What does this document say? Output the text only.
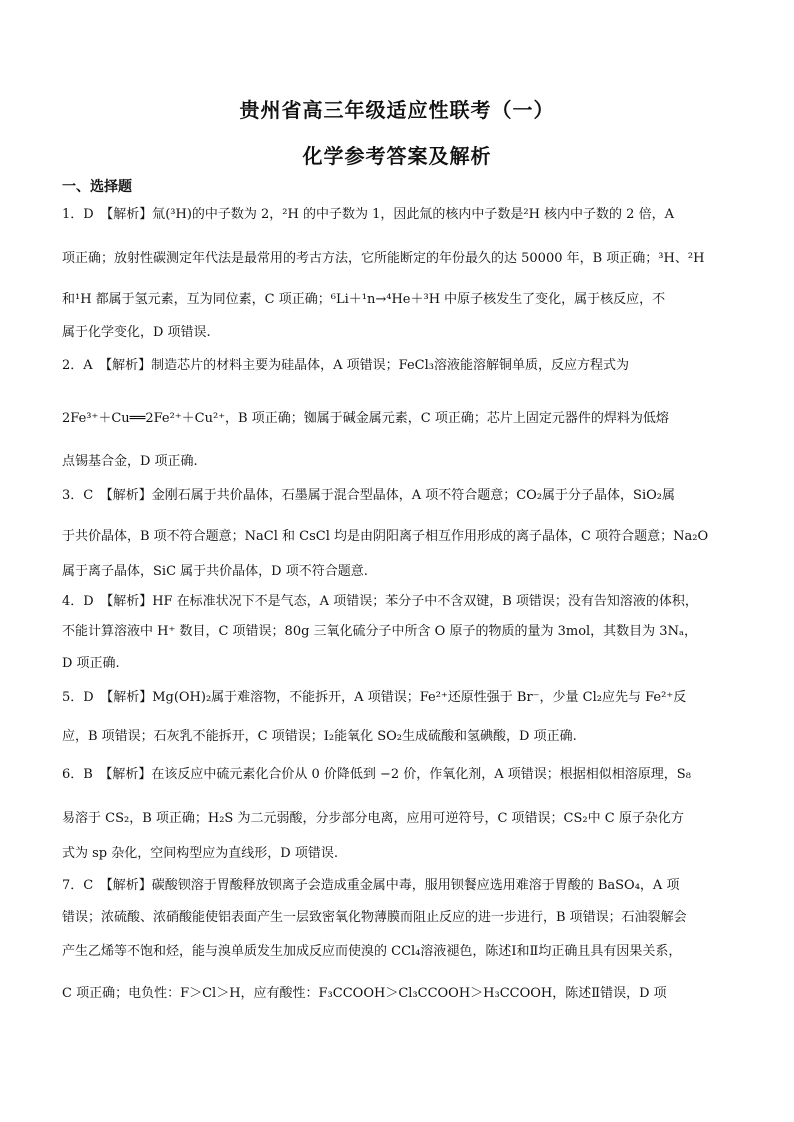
贵州省高三年级适应性联考（一）
化学参考答案及解析
一、选择题
1．D　【解析】氚(³H)的中子数为 2，²H 的中子数为 1，因此氚的核内中子数是²H 核内中子数的 2 倍，A
项正确；放射性碳测定年代法是最常用的考古方法，它所能断定的年份最久的达 50000 年，B 项正确；³H、²H
和¹H 都属于氢元素，互为同位素，C 项正确；⁶Li＋¹n→⁴He＋³H 中原子核发生了变化，属于核反应，不
属于化学变化，D 项错误.
2．A　【解析】制造芯片的材料主要为硅晶体，A 项错误；FeCl₃溶液能溶解铜单质，反应方程式为
2Fe³⁺＋Cu══2Fe²⁺＋Cu²⁺，B 项正确；铷属于碱金属元素，C 项正确；芯片上固定元器件的焊料为低熔
点锡基合金，D 项正确.
3．C　【解析】金刚石属于共价晶体，石墨属于混合型晶体，A 项不符合题意；CO₂属于分子晶体，SiO₂属
于共价晶体，B 项不符合题意；NaCl 和 CsCl 均是由阴阳离子相互作用形成的离子晶体，C 项符合题意；Na₂O
属于离子晶体，SiC 属于共价晶体，D 项不符合题意.
4．D　【解析】HF 在标准状况下不是气态，A 项错误；苯分子中不含双键，B 项错误；没有告知溶液的体积，
不能计算溶液中 H⁺ 数目，C 项错误；80g 三氧化硫分子中所含 O 原子的物质的量为 3mol，其数目为 3Nₐ，
D 项正确.
5．D　【解析】Mg(OH)₂属于难溶物，不能拆开，A 项错误；Fe²⁺还原性强于 Br⁻，少量 Cl₂应先与 Fe²⁺反
应，B 项错误；石灰乳不能拆开，C 项错误；I₂能氧化 SO₂生成硫酸和氢碘酸，D 项正确.
6．B　【解析】在该反应中硫元素化合价从 0 价降低到 −2 价，作氧化剂，A 项错误；根据相似相溶原理，S₈
易溶于 CS₂，B 项正确；H₂S 为二元弱酸，分步部分电离，应用可逆符号，C 项错误；CS₂中 C 原子杂化方
式为 sp 杂化，空间构型应为直线形，D 项错误.
7．C　【解析】碳酸钡溶于胃酸释放钡离子会造成重金属中毒，服用钡餐应选用难溶于胃酸的 BaSO₄，A 项
错误；浓硫酸、浓硝酸能使铝表面产生一层致密氧化物薄膜而阻止反应的进一步进行，B 项错误；石油裂解会
产生乙烯等不饱和烃，能与溴单质发生加成反应而使溴的 CCl₄溶液褪色，陈述Ⅰ和Ⅱ均正确且具有因果关系，
C 项正确；电负性：F＞Cl＞H，应有酸性：F₃CCOOH＞Cl₃CCOOH＞H₃CCOOH，陈述Ⅱ错误，D 项
